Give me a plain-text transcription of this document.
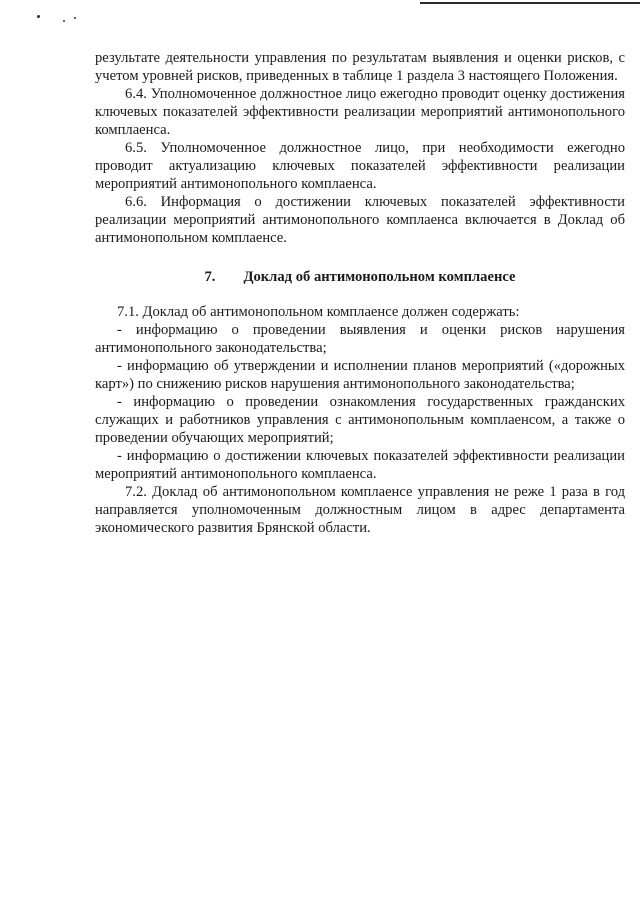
результате деятельности управления по результатам выявления и оценки рисков, с учетом уровней рисков, приведенных в таблице 1 раздела 3 настоящего Положения.

6.4. Уполномоченное должностное лицо ежегодно проводит оценку достижения ключевых показателей эффективности реализации мероприятий антимонопольного комплаенса.

6.5. Уполномоченное должностное лицо, при необходимости ежегодно проводит актуализацию ключевых показателей эффективности реализации мероприятий антимонопольного комплаенса.

6.6. Информация о достижении ключевых показателей эффективности реализации мероприятий антимонопольного комплаенса включается в Доклад об антимонопольном комплаенсе.

7. Доклад об антимонопольном комплаенсе

7.1. Доклад об антимонопольном комплаенсе должен содержать:

- информацию о проведении выявления и оценки рисков нарушения антимонопольного законодательства;

- информацию об утверждении и исполнении планов мероприятий («дорожных карт») по снижению рисков нарушения антимонопольного законодательства;

- информацию о проведении ознакомления государственных гражданских служащих и работников управления с антимонопольным комплаенсом, а также о проведении обучающих мероприятий;

- информацию о достижении ключевых показателей эффективности реализации мероприятий антимонопольного комплаенса.

7.2. Доклад об антимонопольном комплаенсе управления не реже 1 раза в год направляется уполномоченным должностным лицом в адрес департамента экономического развития Брянской области.
